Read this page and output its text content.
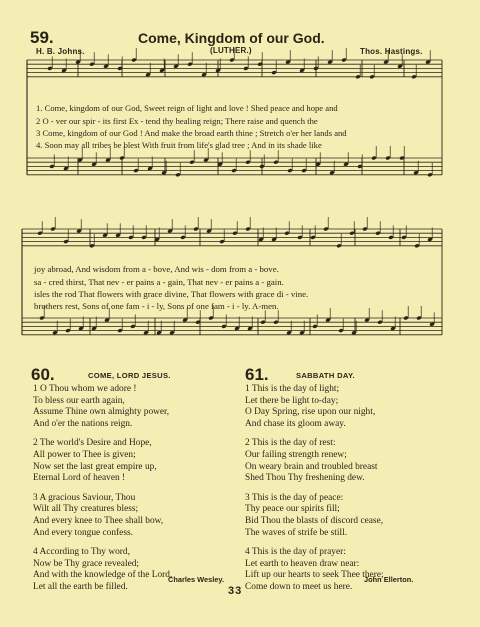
59.	Come, Kingdom of our God.
H. B. Johns.	(LUTHER.)	Thos. Hastings.
1. Come, kingdom of our God, Sweet reign of light and love ! Shed peace and hope and
2 O - ver our spir - its first Ex - tend thy healing reign; There raise and quench the
3 Come, kingdom of our God ! And make the broad earth thine ; Stretch o'er her lands and
4. Soon may all tribes be blest With fruit from life's glad tree ; And in its shade like
joy abroad, And wisdom from a - bove, And wis - dom from a - bove.
sa - cred thirst, That nev - er pains a - gain, That nev - er pains a - gain.
isles the rod That flowers with grace divine, That flowers with grace di - vine.
brothers rest, Sons of one fam - i - ly, Sons of one fam - i - ly. A-men.
60.	COME, LORD JESUS.
1 O Thou whom we adore !
To bless our earth again,
Assume Thine own almighty power,
And o'er the nations reign.
2 The world's Desire and Hope,
All power to Thee is given;
Now set the last great empire up,
Eternal Lord of heaven !
3 A gracious Saviour, Thou
Wilt all Thy creatures bless;
And every knee to Thee shall bow,
And every tongue confess.
4 According to Thy word,
Now be Thy grace revealed;
And with the knowledge of the Lord,
Let all the earth be filled.
Charles Wesley.
61.	SABBATH DAY.
1 This is the day of light;
Let there be light to-day;
O Day Spring, rise upon our night,
And chase its gloom away.
2 This is the day of rest:
Our failing strength renew;
On weary brain and troubled breast
Shed Thou Thy freshening dew.
3 This is the day of peace:
Thy peace our spirits fill;
Bid Thou the blasts of discord cease,
The waves of strife be still.
4 This is the day of prayer:
Let earth to heaven draw near:
Lift up our hearts to seek Thee there;
Come down to meet us here.
John Ellerton.
33
